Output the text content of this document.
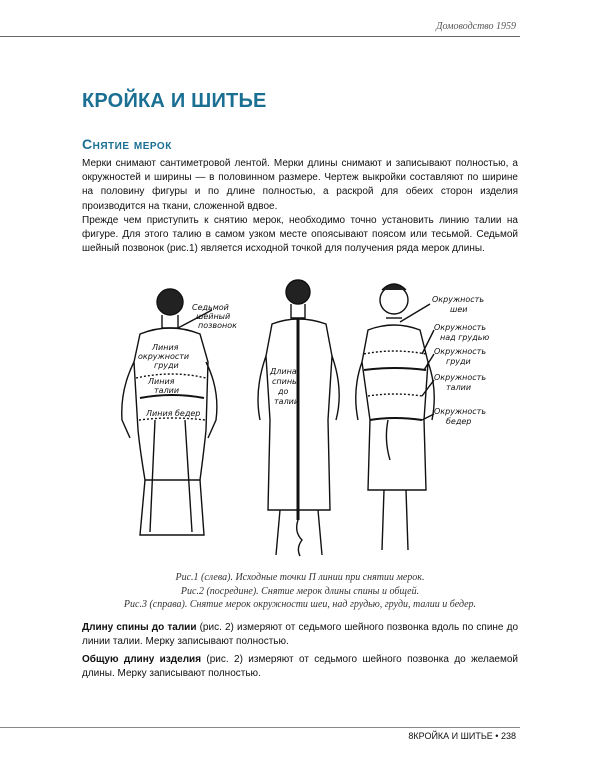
Домоводство 1959
КРОЙКА И ШИТЬЕ
Снятие мерок

Мерки снимают сантиметровой лентой. Мерки длины снимают и записывают полностью, а окружностей и ширины — в половинном размере. Чертеж выкройки составляют по ширине на половину фигуры и по длине полностью, а раскрой для обеих сторон изделия производится на ткани, сложенной вдвое.

Прежде чем приступить к снятию мерок, необходимо точно установить линию талии на фигуре. Для этого талию в самом узком месте опоясывают поясом или тесьмой. Седьмой шейный позвонок (рис.1) является исходной точкой для получения ряда мерок длины.

Седьмой
шейный
позвонок
Линия
окружности
груди
Линия
талии
Линия бедер
Длина
спины
до
талии
Окружность
шеи
Окружность
над грудью
Окружность
груди
Окружность
талии
Окружность
бедер
Рис.1 (слева). Исходные точки П линии при снятии мерок.
Рис.2 (посредине). Снятие мерок длины спины и общей.
Рис.3 (справа). Снятие мерок окружности шеи, над грудью, груди, талии и бедер.

Длину спины до талии (рис. 2) измеряют от седьмого шейного позвонка вдоль по спине до линии талии. Мерку записывают полностью.

Общую длину изделия (рис. 2) измеряют от седьмого шейного позвонка до желаемой длины. Мерку записывают полностью.

8КРОЙКА И ШИТЬЕ • 238
